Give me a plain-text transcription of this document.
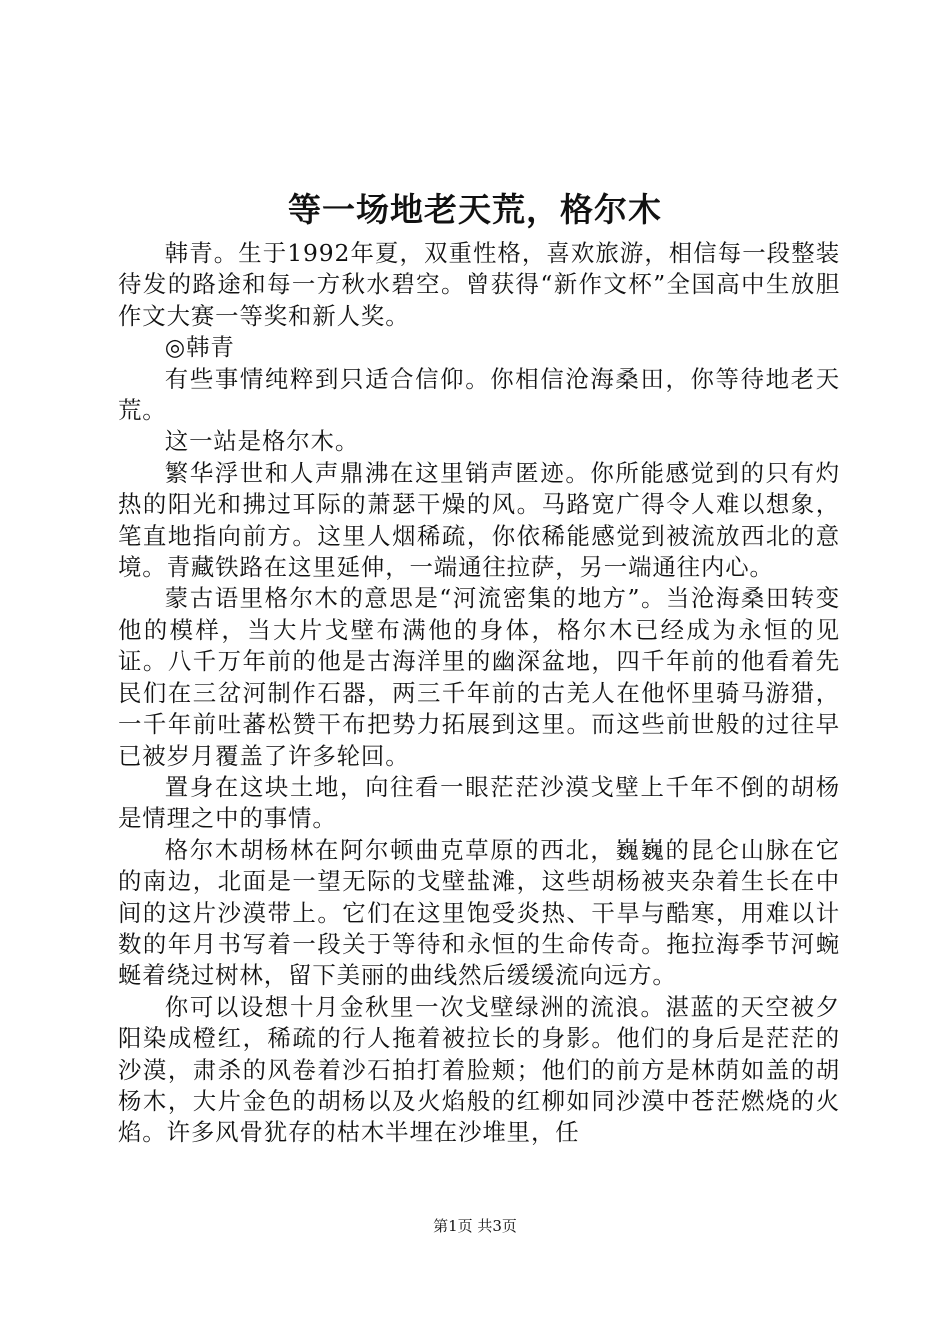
等一场地老天荒，格尔木

韩青。生于1992年夏，双重性格，喜欢旅游，相信每一段整装待发的路途和每一方秋水碧空。曾获得“新作文杯”全国高中生放胆作文大赛一等奖和新人奖。

◎韩青

有些事情纯粹到只适合信仰。你相信沧海桑田，你等待地老天荒。

这一站是格尔木。

繁华浮世和人声鼎沸在这里销声匿迹。你所能感觉到的只有灼热的阳光和拂过耳际的萧瑟干燥的风。马路宽广得令人难以想象，笔直地指向前方。这里人烟稀疏，你依稀能感觉到被流放西北的意境。青藏铁路在这里延伸，一端通往拉萨，另一端通往内心。

蒙古语里格尔木的意思是“河流密集的地方”。当沧海桑田转变他的模样，当大片戈壁布满他的身体，格尔木已经成为永恒的见证。八千万年前的他是古海洋里的幽深盆地，四千年前的他看着先民们在三岔河制作石器，两三千年前的古羌人在他怀里骑马游猎，一千年前吐蕃松赞干布把势力拓展到这里。而这些前世般的过往早已被岁月覆盖了许多轮回。

置身在这块土地，向往看一眼茫茫沙漠戈壁上千年不倒的胡杨是情理之中的事情。

格尔木胡杨林在阿尔顿曲克草原的西北，巍巍的昆仑山脉在它的南边，北面是一望无际的戈壁盐滩，这些胡杨被夹杂着生长在中间的这片沙漠带上。它们在这里饱受炎热、干旱与酷寒，用难以计数的年月书写着一段关于等待和永恒的生命传奇。拖拉海季节河蜿蜒着绕过树林，留下美丽的曲线然后缓缓流向远方。

你可以设想十月金秋里一次戈壁绿洲的流浪。湛蓝的天空被夕阳染成橙红，稀疏的行人拖着被拉长的身影。他们的身后是茫茫的沙漠，肃杀的风卷着沙石拍打着脸颊；他们的前方是林荫如盖的胡杨木，大片金色的胡杨以及火焰般的红柳如同沙漠中苍茫燃烧的火焰。许多风骨犹存的枯木半埋在沙堆里，任

第1页 共3页
